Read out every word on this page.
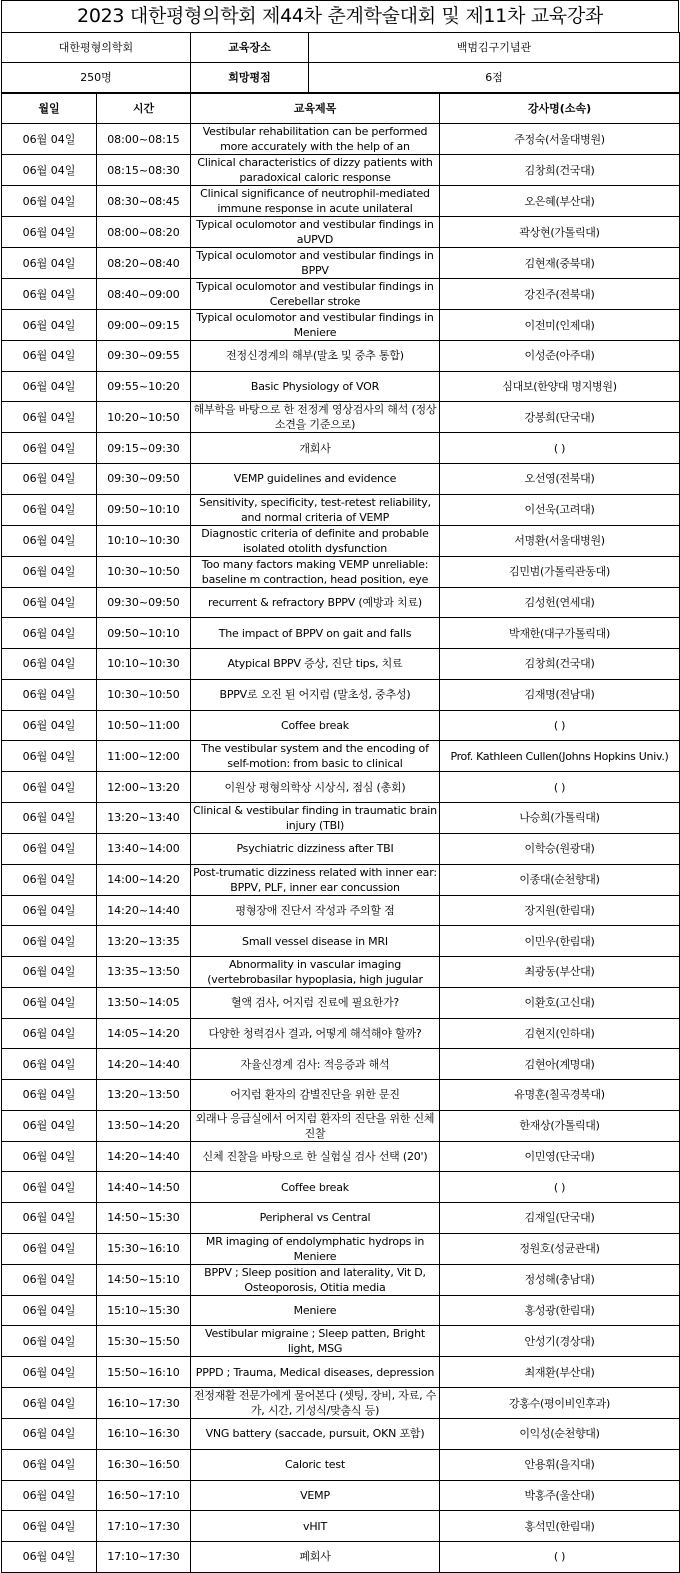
2023 대한평형의학회 제44차 춘계학술대회 및 제11차 교육강좌
대한평형의학회	교육장소	백범김구기념관
250명	희망평점	6점
월일	시간	교육제목	강사명(소속)
06월 04일	08:00~08:15	Vestibular rehabilitation can be performed more accurately with the help of an	주정숙(서울대병원)
06월 04일	08:15~08:30	Clinical characteristics of dizzy patients with paradoxical caloric response	김창희(건국대)
06월 04일	08:30~08:45	Clinical significance of neutrophil-mediated immune response in acute unilateral	오은혜(부산대)
06월 04일	08:00~08:20	Typical oculomotor and vestibular findings in aUPVD	곽상현(가톨릭대)
06월 04일	08:20~08:40	Typical oculomotor and vestibular findings in BPPV	김현재(중북대)
06월 04일	08:40~09:00	Typical oculomotor and vestibular findings in Cerebellar stroke	강진주(전북대)
06월 04일	09:00~09:15	Typical oculomotor and vestibular findings in Meniere	이전미(인제대)
06월 04일	09:30~09:55	전정신경계의 해부(말초 및 중추 통합)	이성준(아주대)
06월 04일	09:55~10:20	Basic Physiology of VOR	심대보(한양대 명지병원)
06월 04일	10:20~10:50	해부학을 바탕으로 한 전정계 영상검사의 해석 (정상소견을 기준으로)	강봉희(단국대)
06월 04일	09:15~09:30	개회사	( )
06월 04일	09:30~09:50	VEMP guidelines and evidence	오선영(전북대)
06월 04일	09:50~10:10	Sensitivity, specificity, test-retest reliability, and normal criteria of VEMP	이선욱(고려대)
06월 04일	10:10~10:30	Diagnostic criteria of definite and probable isolated otolith dysfunction	서명환(서울대병원)
06월 04일	10:30~10:50	Too many factors making VEMP unreliable: baseline m contraction, head position, eye	김민범(가톨릭관동대)
06월 04일	09:30~09:50	recurrent & refractory BPPV (예방과 치료)	김성헌(연세대)
06월 04일	09:50~10:10	The impact of BPPV on gait and falls	박재한(대구가톨릭대)
06월 04일	10:10~10:30	Atypical BPPV 증상, 진단 tips, 치료	김창희(건국대)
06월 04일	10:30~10:50	BPPV로 오진 된 어지럼 (말초성, 중추성)	김재명(전남대)
06월 04일	10:50~11:00	Coffee break	( )
06월 04일	11:00~12:00	The vestibular system and the encoding of self-motion: from basic to clinical	Prof. Kathleen Cullen(Johns Hopkins Univ.)
06월 04일	12:00~13:20	이원상 평형의학상 시상식, 점심 (총회)	( )
06월 04일	13:20~13:40	Clinical & vestibular finding in traumatic brain injury (TBI)	나승희(가톨릭대)
06월 04일	13:40~14:00	Psychiatric dizziness after TBI	이학승(원광대)
06월 04일	14:00~14:20	Post-trumatic dizziness related with inner ear: BPPV, PLF, inner ear concussion	이종대(순천향대)
06월 04일	14:20~14:40	평형장애 진단서 작성과 주의할 점	장지원(한림대)
06월 04일	13:20~13:35	Small vessel disease in MRI	이민우(한림대)
06월 04일	13:35~13:50	Abnormality in vascular imaging (vertebrobasilar hypoplasia, high jugular	최광동(부산대)
06월 04일	13:50~14:05	혈액 검사, 어지럼 진료에 필요한가?	이환호(고신대)
06월 04일	14:05~14:20	다양한 청력검사 결과, 어떻게 해석해야 할까?	김현지(인하대)
06월 04일	14:20~14:40	자율신경계 검사: 적응증과 해석	김현아(계명대)
06월 04일	13:20~13:50	어지럼 환자의 감별진단을 위한 문진	유명훈(칠곡경북대)
06월 04일	13:50~14:20	외래나 응급실에서 어지럼 환자의 진단을 위한 신체 진찰	한재상(가톨릭대)
06월 04일	14:20~14:40	신체 진찰을 바탕으로 한 실험실 검사 선택 (20')	이민영(단국대)
06월 04일	14:40~14:50	Coffee break	( )
06월 04일	14:50~15:30	Peripheral vs Central	김재일(단국대)
06월 04일	15:30~16:10	MR imaging of endolymphatic hydrops in Meniere	정원호(성균관대)
06월 04일	14:50~15:10	BPPV ; Sleep position and laterality, Vit D, Osteoporosis, Otitia media	정성해(충남대)
06월 04일	15:10~15:30	Meniere	홍성광(한림대)
06월 04일	15:30~15:50	Vestibular migraine ; Sleep patten, Bright light, MSG	안성기(경상대)
06월 04일	15:50~16:10	PPPD ; Trauma, Medical diseases, depression	최재환(부산대)
06월 04일	16:10~17:30	전정재활 전문가에게 물어본다 (셋팅, 장비, 자료, 수가, 시간, 기성식/맞춤식 등)	강홍수(평이비인후과)
06월 04일	16:10~16:30	VNG battery (saccade, pursuit, OKN 포함)	이익성(순천향대)
06월 04일	16:30~16:50	Caloric test	안용휘(을지대)
06월 04일	16:50~17:10	VEMP	박홍주(울산대)
06월 04일	17:10~17:30	vHIT	홍석민(한림대)
06월 04일	17:10~17:30	폐회사	( )
